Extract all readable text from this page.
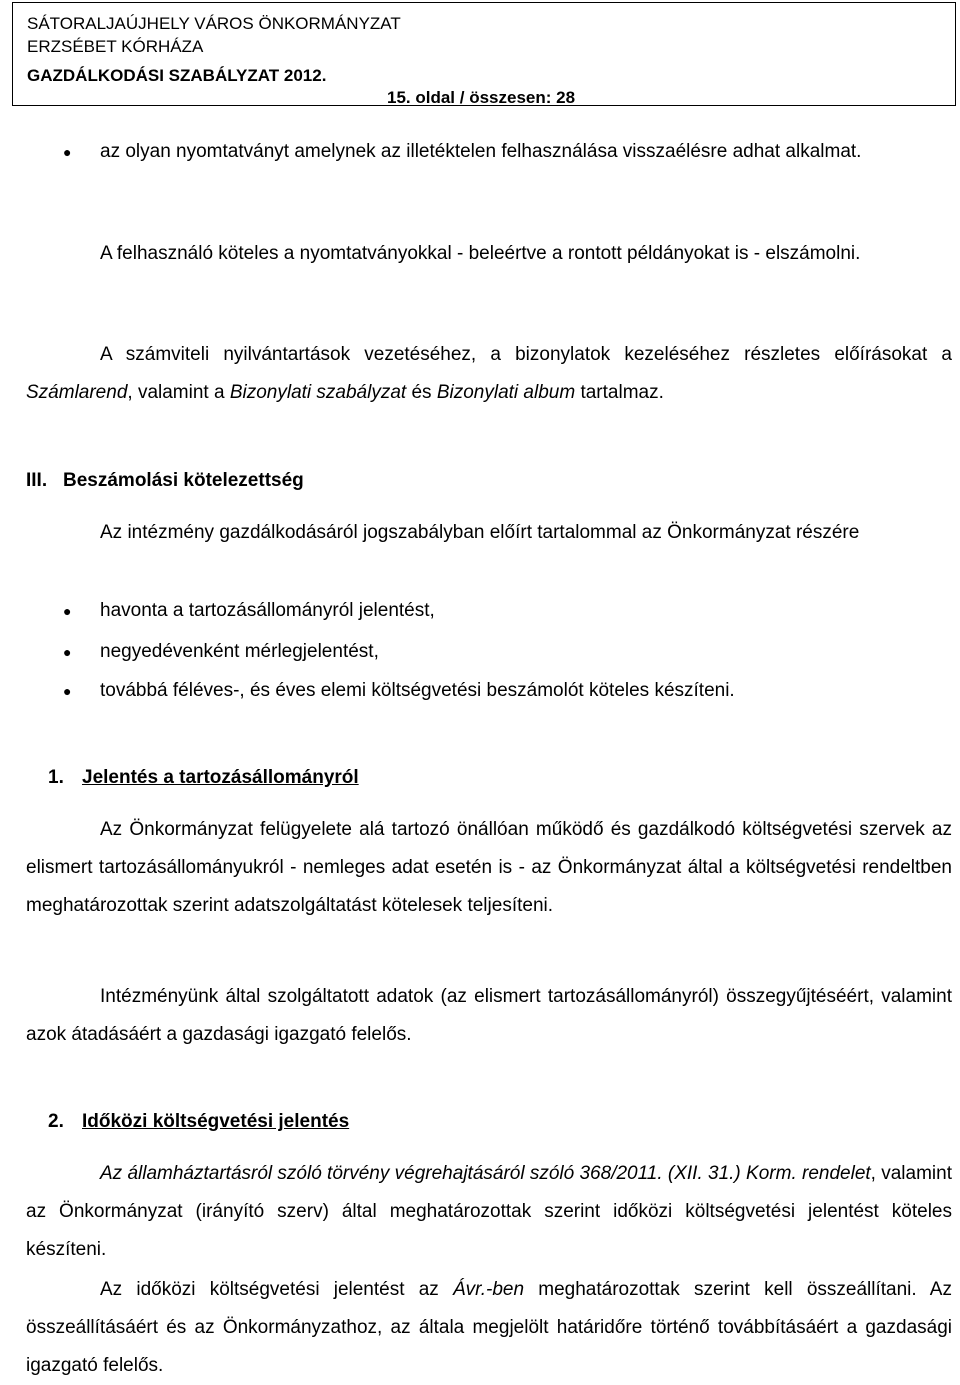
SÁTORALJAÚJHELY VÁROS ÖNKORMÁNYZAT
ERZSÉBET KÓRHÁZA
GAZDÁLKODÁSI SZABÁLYZAT 2012.
15. oldal / összesen: 28
● az olyan nyomtatványt amelynek az illetéktelen felhasználása visszaélésre adhat alkalmat.

A felhasználó köteles a nyomtatványokkal - beleértve a rontott példányokat is - elszámolni.

A számviteli nyilvántartások vezetéséhez, a bizonylatok kezeléséhez részletes előírásokat a Számlarend, valamint a Bizonylati szabályzat és Bizonylati album tartalmaz.

III. Beszámolási kötelezettség

Az intézmény gazdálkodásáról jogszabályban előírt tartalommal az Önkormányzat részére

● havonta a tartozásállományról jelentést,

● negyedévenként mérlegjelentést,

● továbbá féléves-, és éves elemi költségvetési beszámolót köteles készíteni.

1. Jelentés a tartozásállományról

Az Önkormányzat felügyelete alá tartozó önállóan működő és gazdálkodó költségvetési szervek az elismert tartozásállományukról - nemleges adat esetén is - az Önkormányzat által a költségvetési rendeltben meghatározottak szerint adatszolgáltatást kötelesek teljesíteni.

Intézményünk által szolgáltatott adatok (az elismert tartozásállományról) összegyűjtéséért, valamint azok átadásáért a gazdasági igazgató felelős.

2. Időközi költségvetési jelentés

Az államháztartásról szóló törvény végrehajtásáról szóló 368/2011. (XII. 31.) Korm. rendelet, valamint az Önkormányzat (irányító szerv) által meghatározottak szerint időközi költségvetési jelentést köteles készíteni.

Az időközi költségvetési jelentést az Ávr.-ben meghatározottak szerint kell összeállítani. Az összeállításáért és az Önkormányzathoz, az általa megjelölt határidőre történő továbbításáért a gazdasági igazgató felelős.
